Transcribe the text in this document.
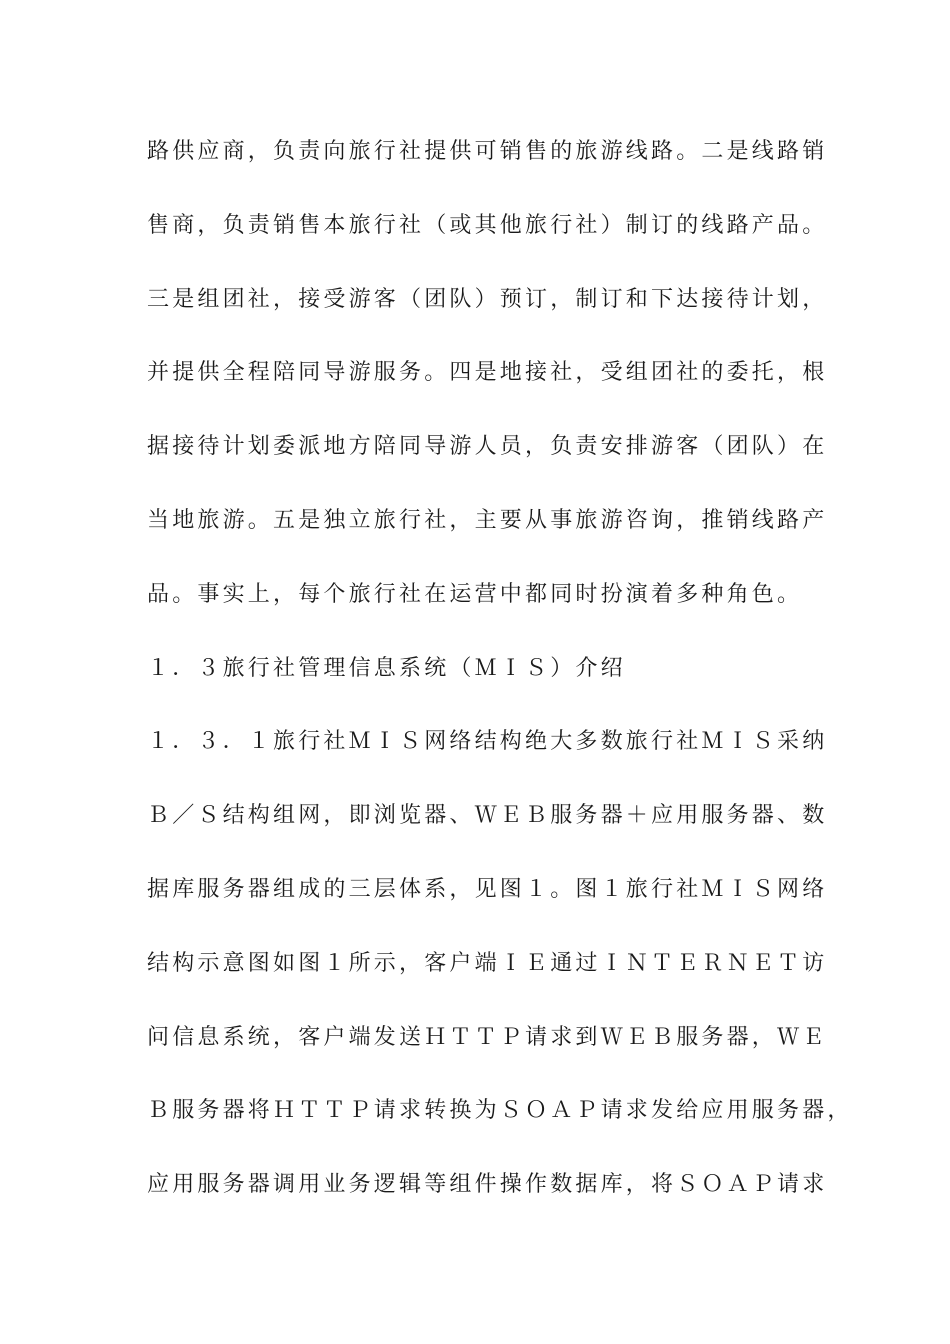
路供应商，负责向旅行社提供可销售的旅游线路。二是线路销
售商，负责销售本旅行社（或其他旅行社）制订的线路产品。
三是组团社，接受游客（团队）预订，制订和下达接待计划，
并提供全程陪同导游服务。四是地接社，受组团社的委托，根
据接待计划委派地方陪同导游人员，负责安排游客（团队）在
当地旅游。五是独立旅行社，主要从事旅游咨询，推销线路产
品。事实上，每个旅行社在运营中都同时扮演着多种角色。
１．３旅行社管理信息系统（ＭＩＳ）介绍
１．３．１旅行社ＭＩＳ网络结构绝大多数旅行社ＭＩＳ采纳
Ｂ／Ｓ结构组网，即浏览器、ＷＥＢ服务器＋应用服务器、数
据库服务器组成的三层体系，见图１。图１旅行社ＭＩＳ网络
结构示意图如图１所示，客户端ＩＥ通过ＩＮＴＥＲＮＥＴ访
问信息系统，客户端发送ＨＴＴＰ请求到ＷＥＢ服务器，ＷＥ
Ｂ服务器将ＨＴＴＰ请求转换为ＳＯＡＰ请求发给应用服务器，
应用服务器调用业务逻辑等组件操作数据库，将ＳＯＡＰ请求
